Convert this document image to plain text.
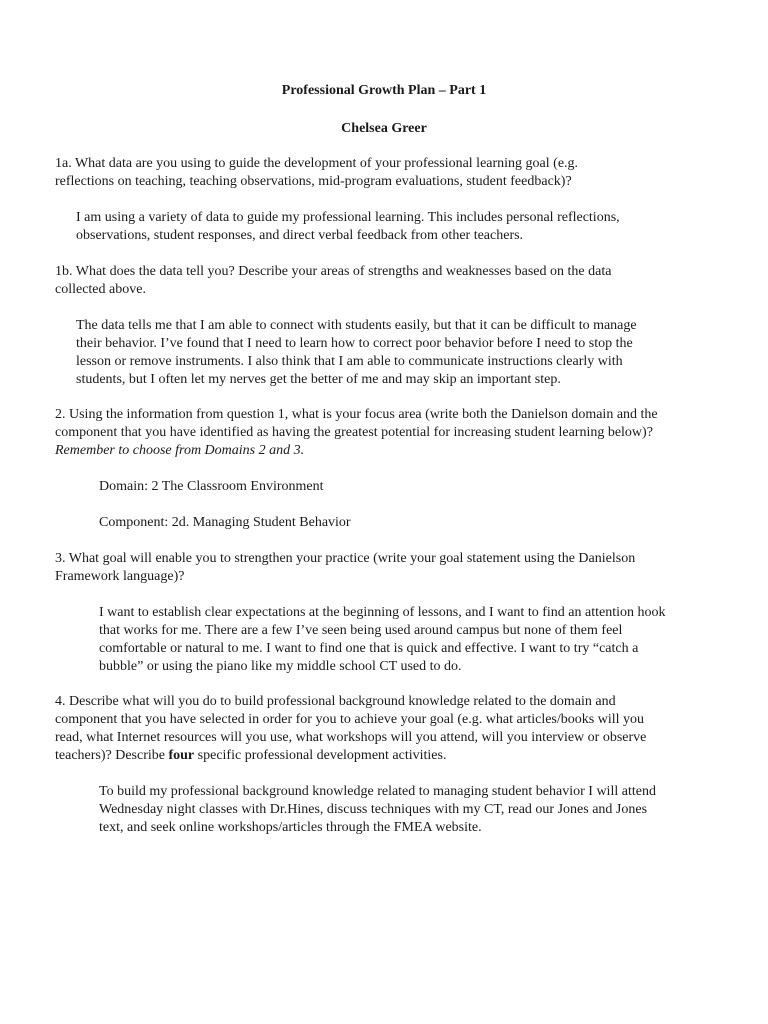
Professional Growth Plan – Part 1
Chelsea Greer
1a. What data are you using to guide the development of your professional learning goal (e.g.
reflections on teaching, teaching observations, mid-program evaluations, student feedback)?
I am using a variety of data to guide my professional learning. This includes personal reflections,
observations, student responses, and direct verbal feedback from other teachers.
1b. What does the data tell you? Describe your areas of strengths and weaknesses based on the data
collected above.
The data tells me that I am able to connect with students easily, but that it can be difficult to manage
their behavior. I’ve found that I need to learn how to correct poor behavior before I need to stop the
lesson or remove instruments. I also think that I am able to communicate instructions clearly with
students, but I often let my nerves get the better of me and may skip an important step.
2. Using the information from question 1, what is your focus area (write both the Danielson domain and the
component that you have identified as having the greatest potential for increasing student learning below)?
Remember to choose from Domains 2 and 3.
Domain: 2 The Classroom Environment
Component: 2d. Managing Student Behavior
3. What goal will enable you to strengthen your practice (write your goal statement using the Danielson
Framework language)?
I want to establish clear expectations at the beginning of lessons, and I want to find an attention hook
that works for me. There are a few I’ve seen being used around campus but none of them feel
comfortable or natural to me. I want to find one that is quick and effective. I want to try “catch a
bubble” or using the piano like my middle school CT used to do.
4. Describe what will you do to build professional background knowledge related to the domain and
component that you have selected in order for you to achieve your goal (e.g. what articles/books will you
read, what Internet resources will you use, what workshops will you attend, will you interview or observe
teachers)? Describe four specific professional development activities.
To build my professional background knowledge related to managing student behavior I will attend
Wednesday night classes with Dr.Hines, discuss techniques with my CT, read our Jones and Jones
text, and seek online workshops/articles through the FMEA website.
